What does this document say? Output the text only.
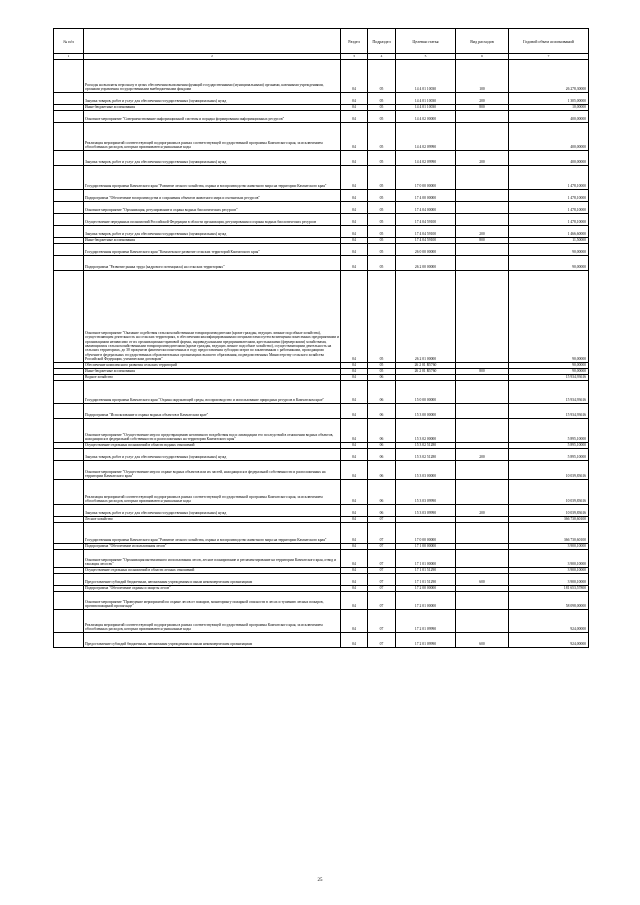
№ п/п		Раздел	Подраздел	Целевая статья	Вид расходов	Годовой объем ассигнований
1	2	3	4	5	6	7
	Расходы на выплаты персоналу в целях обеспечения выполнения функций государственными (муниципальными) органами, казенными учреждениями, органами управления государственными внебюджетными фондами	04	05	14 4 01 10030	100	26 278,30000
	Закупка товаров, работ и услуг для обеспечения государственных (муниципальных) нужд	04	05	14 4 01 10030	200	1 305,00000
	Иные бюджетные ассигнования	04	05	14 4 01 10030	800	10,00000
	Основное мероприятие "Совершенствование информационной системы и порядка формирования информационных ресурсов"	04	05	14 4 02 00000		400,00000
	Реализация мероприятий соответствующей подпрограммы в рамках соответствующей государственной программы Камчатского края, за исключением обособленных расходов, которым присваиваются уникальные коды	04	05	14 4 02 09990		400,00000
	Закупка товаров, работ и услуг для обеспечения государственных (муниципальных) нужд	04	05	14 4 02 09990	200	400,00000
	Государственная программа Камчатского края "Развитие лесного хозяйства, охрана и воспроизводство животного мира на территории Камчатского края"	04	05	17 0 00 00000		1 478,10000
	Подпрограмма "Обеспечение воспроизводства и сохранения объектов животного мира и охотничьих ресурсов"	04	05	17 4 00 00000		1 478,10000
	Основное мероприятие "Организация, регулирование и охрана водных биологических ресурсов"	04	05	17 4 04 00000		1 478,10000
	Осуществление переданных полномочий Российской Федерации в области организации, регулирования и охраны водных биологических ресурсов	04	05	17 4 04 59100		1 478,10000
	Закупка товаров, работ и услуг для обеспечения государственных (муниципальных) нужд	04	05	17 4 04 59100	200	1 466,60000
	Иные бюджетные ассигнования	04	05	17 4 04 59100	800	11,50000
	Государственная программа Камчатского края "Комплексное развитие сельских территорий Камчатского края"	04	05	26 0 00 00000		90,00000
	Подпрограмма "Развитие рынка труда (кадрового потенциала) на сельских территориях"	04	05	26 2 00 00000		90,00000
	Основное мероприятие "Оказание содействия сельскохозяйственным товаропроизводителям (кроме граждан, ведущих личные подсобные хозяйства), осуществляющим деятельность на сельских территориях, в обеспечении квалифицированными специалистами путем возмещения понесенных предприятиями и организациями независимо от их организационно-правовой формы, индивидуальными предпринимателями, крестьянскими (фермерскими) хозяйствами, являющимися сельскохозяйственными товаропроизводителями (кроме граждан, ведущих личное подсобное хозяйство), осуществляющими деятельность на сельских территориях, до 30 процентов фактически понесенных в году предоставления субсидии затрат по заключенным с работниками, проходящими обучение в федеральных государственных образовательных организациях высшего образования, подведомственных Министерству сельского хозяйства Российской Федерации, ученическим договорам"	04	05	26 2 01 00000		90,00000
	Обеспечение комплексного развития сельских территорий	04	05	26 2 01 R5760		90,00000
	Иные бюджетные ассигнования	04	05	26 2 01 R5760	800	90,00000
	Водное хозяйство	04	06			15 934,93616
	Государственная программа Камчатского края "Охрана окружающей среды, воспроизводство и использование природных ресурсов в Камчатском крае"	04	06	15 0 00 00000		15 934,93616
	Подпрограмма "Использование и охрана водных объектов в Камчатском крае"	04	06	15 3 00 00000		15 934,93616
	Основное мероприятие "Осуществление мер по предотвращению негативного воздействия вод и ликвидации его последствий в отношении водных объектов, находящихся в федеральной собственности и расположенных на территории Камчатского края"	04	06	15 3 02 00000		5 895,10000
	Осуществление отдельных полномочий в области водных отношений	04	06	15 3 02 51280		5 895,10000
	Закупка товаров, работ и услуг для обеспечения государственных (муниципальных) нужд	04	06	15 3 02 51280	200	5 895,10000
	Основное мероприятие "Осуществление мер по охране водных объектов или их частей, находящихся в федеральной собственности и расположенных на территории Камчатского края"	04	06	15 3 03 00000		10 039,83616
	Реализация мероприятий соответствующей подпрограммы в рамках соответствующей государственной программы Камчатского края, за исключением обособленных расходов, которым присваиваются уникальные коды	04	06	15 3 03 09990		10 039,83616
	Закупка товаров, работ и услуг для обеспечения государственных (муниципальных) нужд	04	06	15 3 03 09990	200	10 039,83616
	Лесное хозяйство	04	07			366 730,60100
	Государственная программа Камчатского края "Развитие лесного хозяйства, охрана и воспроизводство животного мира на территории Камчатского края"	04	07	17 0 00 00000		366 730,60100
	Подпрограмма "Обеспечение использования лесов"	04	07	17 1 00 00000		3 900,10000
	Основное мероприятие "Организация интенсивного использования лесов, лесное планирование и регламентирование на территории Камчатского края, отвод и таксация лесосек"	04	07	17 1 01 00000		3 900,10000
	Осуществление отдельных полномочий в области лесных отношений	04	07	17 1 01 51290		3 900,10000
	Предоставление субсидий бюджетным, автономным учреждениям и иным некоммерческим организациям	04	07	17 1 01 51290	600	3 900,10000
	Подпрограмма "Обеспечение охраны и защиты лесов"	04	07	17 2 00 00000		181 653,57800
	Основное мероприятие "Проведение мероприятий по охране лесов от пожаров, мониторингу пожарной опасности в лесах и тушению лесных пожаров, противопожарной пропаганде"	04	07	17 2 01 00000		58 098,00000
	Реализация мероприятий соответствующей подпрограммы в рамках соответствующей государственной программы Камчатского края, за исключением обособленных расходов, которым присваиваются уникальные коды	04	07	17 2 01 09990		924,00000
	Предоставление субсидий бюджетным, автономным учреждениям и иным некоммерческим организациям	04	07	17 2 01 09990	600	924,00000
25
